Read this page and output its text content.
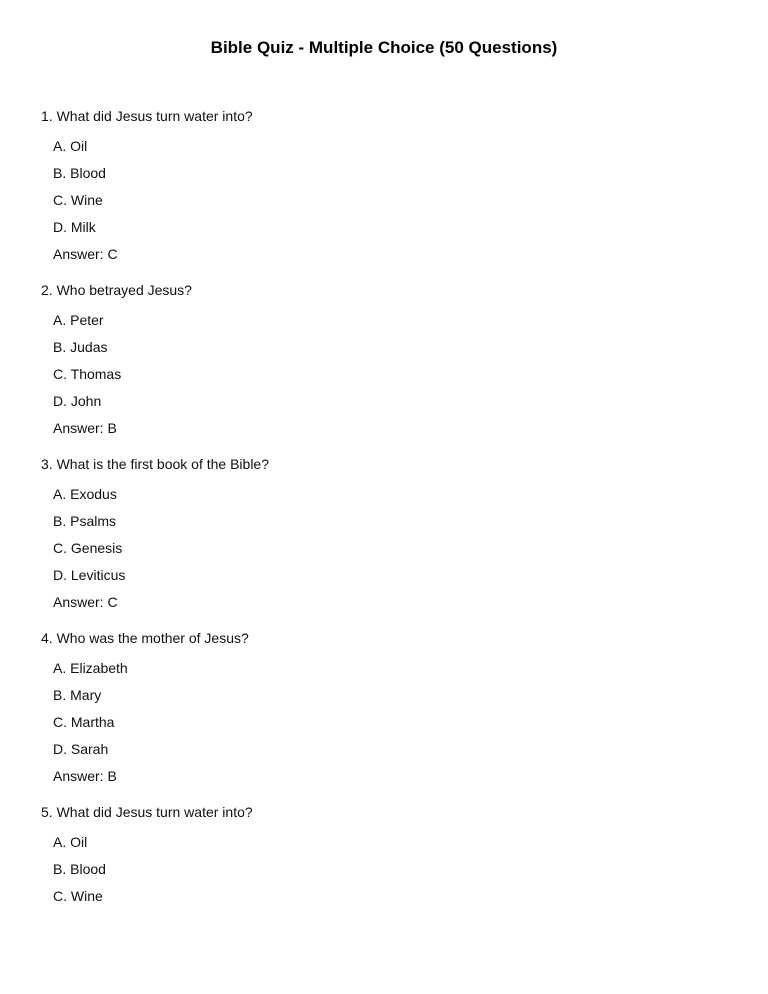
Bible Quiz - Multiple Choice (50 Questions)
1. What did Jesus turn water into?
A. Oil
B. Blood
C. Wine
D. Milk
Answer: C
2. Who betrayed Jesus?
A. Peter
B. Judas
C. Thomas
D. John
Answer: B
3. What is the first book of the Bible?
A. Exodus
B. Psalms
C. Genesis
D. Leviticus
Answer: C
4. Who was the mother of Jesus?
A. Elizabeth
B. Mary
C. Martha
D. Sarah
Answer: B
5. What did Jesus turn water into?
A. Oil
B. Blood
C. Wine
